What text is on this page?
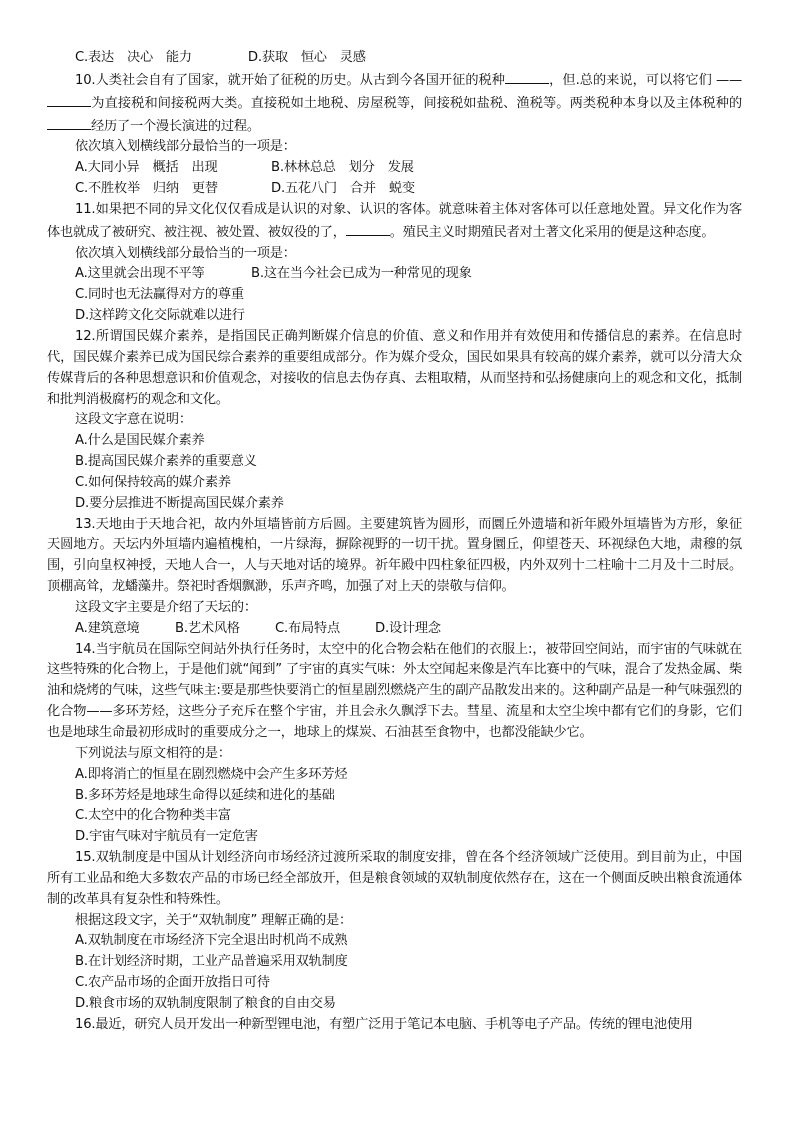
C.表达　决心　能力	D.获取　恒心　灵感

10.人类社会自有了国家，就开始了征税的历史。从古到今各国开征的税种	，但.总的来说，可以将它们 ——为直接税和间接税两大类。直接税如土地税、房屋税等，间接税如盐税、渔税等。两类税种本身以及主体税种的经历了一个漫长演进的过程。

依次填入划横线部分最恰当的一项是：

A.大同小异　概括　出现	B.林林总总　划分　发展

C.不胜枚举　归纳　更替	D.五花八门　合并　蜕变

11.如果把不同的异文化仅仅看成是认识的对象、认识的客体。就意味着主体对客体可以任意地处置。异文化作为客体也就成了被研究、被注视、被处置、被奴役的了，	。殖民主义时期殖民者对土著文化采用的便是这种态度。

依次填入划横线部分最恰当的一项是：

A.这里就会出现不平等	B.这在当今社会已成为一种常见的现象

C.同时也无法赢得对方的尊重

D.这样跨文化交际就难以进行

12.所谓国民媒介素养，是指国民正确判断媒介信息的价值、意义和作用并有效使用和传播信息的素养。在信息时代，国民媒介素养已成为国民综合素养的重要组成部分。作为媒介受众，国民如果具有较高的媒介素养，就可以分清大众传媒背后的各种思想意识和价值观念，对接收的信息去伪存真、去粗取精，从而坚持和弘扬健康向上的观念和文化，抵制和批判消极腐朽的观念和文化。

这段文字意在说明：

A.什么是国民媒介素养

B.提高国民媒介素养的重要意义

C.如何保持较高的媒介素养

D.要分层推进不断提高国民媒介素养

13.天地由于天地合祀，故内外垣墙皆前方后圆。主要建筑皆为圆形，而圜丘外遗墙和祈年殿外垣墙皆为方形，象征天圆地方。天坛内外垣墙内遍植槐柏，一片绿海，摒除视野的一切干扰。置身圜丘，仰望苍天、环视绿色大地，肃穆的氛围，引向皇权神授，天地人合一，人与天地对话的境界。祈年殿中四柱象征四极，内外双列十二柱喻十二月及十二时辰。顶棚高耸，龙蟠藻井。祭祀时香烟飘渺，乐声齐鸣，加强了对上天的崇敬与信仰。

这段文字主要是介绍了天坛的：

A.建筑意境	B.艺术风格	C.布局特点	D.设计理念

14.当宇航员在国际空间站外执行任务时，太空中的化合物会粘在他们的衣服上:，被带回空间站，而宇宙的气味就在这些特殊的化合物上，于是他们就“闻到” 了宇宙的真实气味：外太空闻起来像是汽车比赛中的气味，混合了发热金属、柴油和烧烤的气味，这些气味主:要是那些快要消亡的恒星剧烈燃烧产生的副产品散发出来的。这种副产品是一种气味强烈的化合物——多环芳烃，这些分子充斥在整个宇宙，并且会永久飘浮下去。彗星、流星和太空尘埃中都有它们的身影，它们也是地球生命最初形成时的重要成分之一，地球上的煤炭、石油甚至食物中，也都没能缺少它。

下列说法与原文相符的是：

A.即将消亡的恒星在剧烈燃烧中会产生多环芳烃

B.多环芳烃是地球生命得以延续和进化的基础

C.太空中的化合物种类丰富

D.宇宙气味对宇航员有一定危害

15.双轨制度是中国从计划经济向市场经济过渡所采取的制度安排，曾在各个经济领域广泛使用。到目前为止，中国所有工业品和绝大多数农产品的市场已经全部放开，但是粮食领域的双轨制度依然存在，这在一个侧面反映出粮食流通体制的改革具有复杂性和特殊性。

根据这段文字，关于“双轨制度” 理解正确的是：

A.双轨制度在市场经济下完全退出时机尚不成熟

B.在计划经济时期，工业产品普遍采用双轨制度

C.农产品市场的企面开放指日可待

D.粮食市场的双轨制度限制了粮食的自由交易

16.最近，研究人员开发出一种新型锂电池，有塑广泛用于笔记本电脑、手机等电子产品。传统的锂电池使用
